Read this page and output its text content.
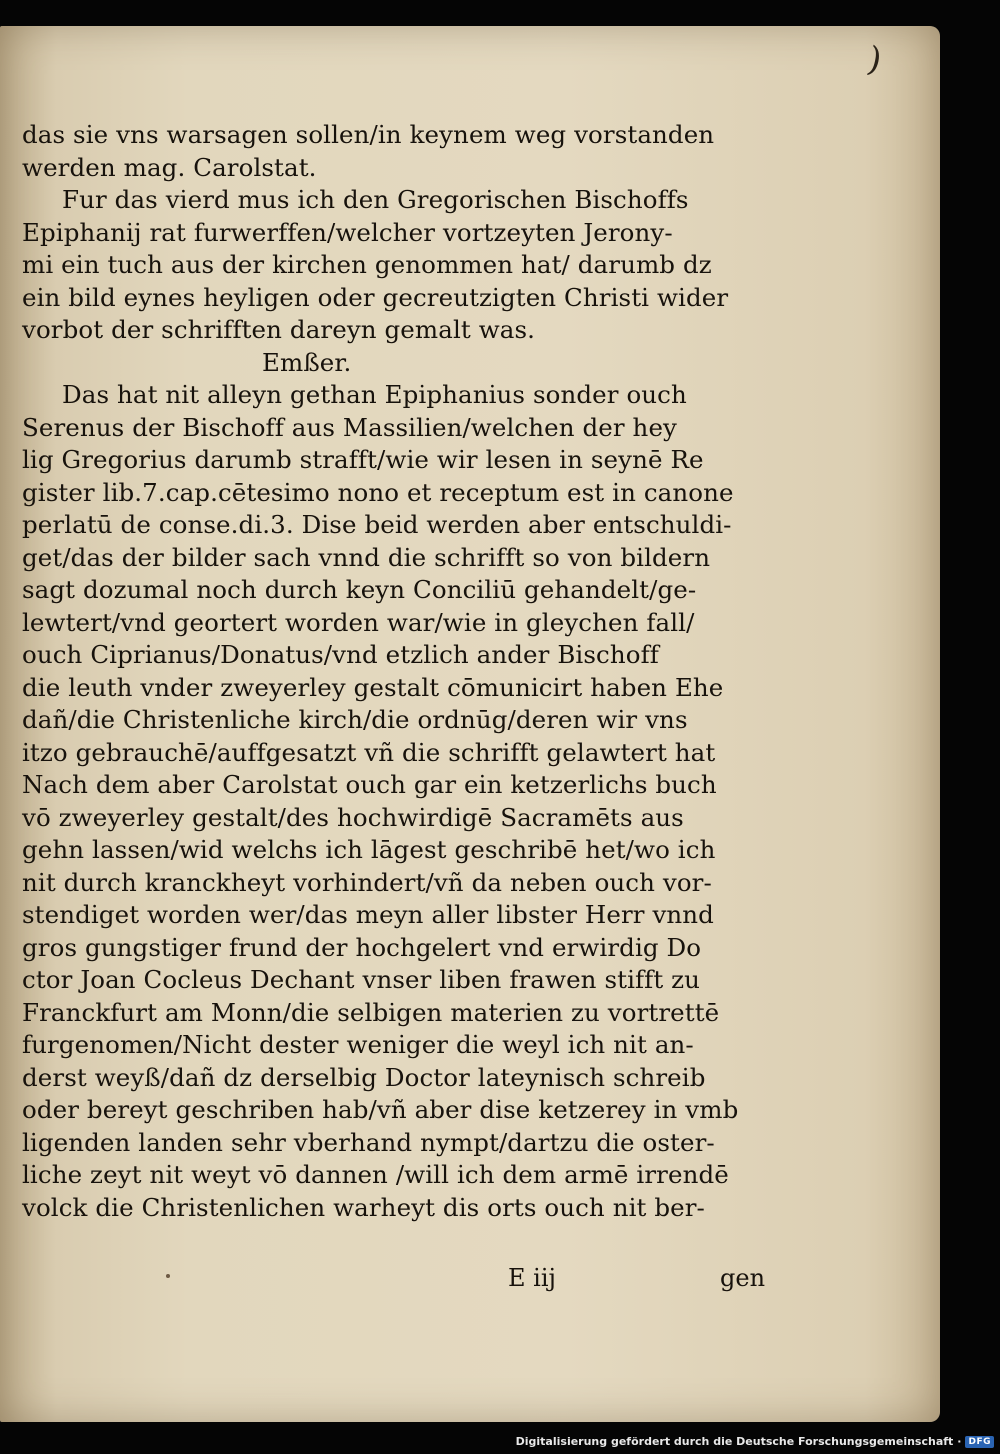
)
das sie vns warsagen sollen/in keynem weg vorstanden
werden mag. Carolstat.
Fur das vierd mus ich den Gregorischen Bischoffs
Epiphanij rat furwerffen/welcher vortzeyten Jerony-
mi ein tuch aus der kirchen genommen hat/ darumb dz
ein bild eynes heyligen oder gecreutzigten Christi wider
vorbot der schrifften dareyn gemalt was.
Emßer.
Das hat nit alleyn gethan Epiphanius sonder ouch
Serenus der Bischoff aus Massilien/welchen der hey
lig Gregorius darumb strafft/wie wir lesen in seynē Re
gister lib.7.cap.cētesimo nono et receptum est in canone
perlatū de conse.di.3. Dise beid werden aber entschuldi-
get/das der bilder sach vnnd die schrifft so von bildern
sagt dozumal noch durch keyn Conciliū gehandelt/ge-
lewtert/vnd geortert worden war/wie in gleychen fall/
ouch Ciprianus/Donatus/vnd etzlich ander Bischoff
die leuth vnder zweyerley gestalt cōmunicirt haben Ehe
dañ/die Christenliche kirch/die ordnūg/deren wir vns
itzo gebrauchē/auffgesatzt vñ die schrifft gelawtert hat
Nach dem aber Carolstat ouch gar ein ketzerlichs buch
vō zweyerley gestalt/des hochwirdigē Sacramēts aus
gehn lassen/wid welchs ich lāgest geschribē het/wo ich
nit durch kranckheyt vorhindert/vñ da neben ouch vor-
stendiget worden wer/das meyn aller libster Herr vnnd
gros gungstiger frund der hochgelert vnd erwirdig Do
ctor Joan Cocleus Dechant vnser liben frawen stifft zu
Franckfurt am Monn/die selbigen materien zu vortrettē
furgenomen/Nicht dester weniger die weyl ich nit an-
derst weyß/dañ dz derselbig Doctor lateynisch schreib
oder bereyt geschriben hab/vñ aber dise ketzerey in vmb
ligenden landen sehr vberhand nympt/dartzu die oster-
liche zeyt nit weyt vō dannen /will ich dem armē irrendē
volck die Christenlichen warheyt dis orts ouch nit ber-
E iij	gen
Digitalisierung gefördert durch die Deutsche Forschungsgemeinschaft · DFG
